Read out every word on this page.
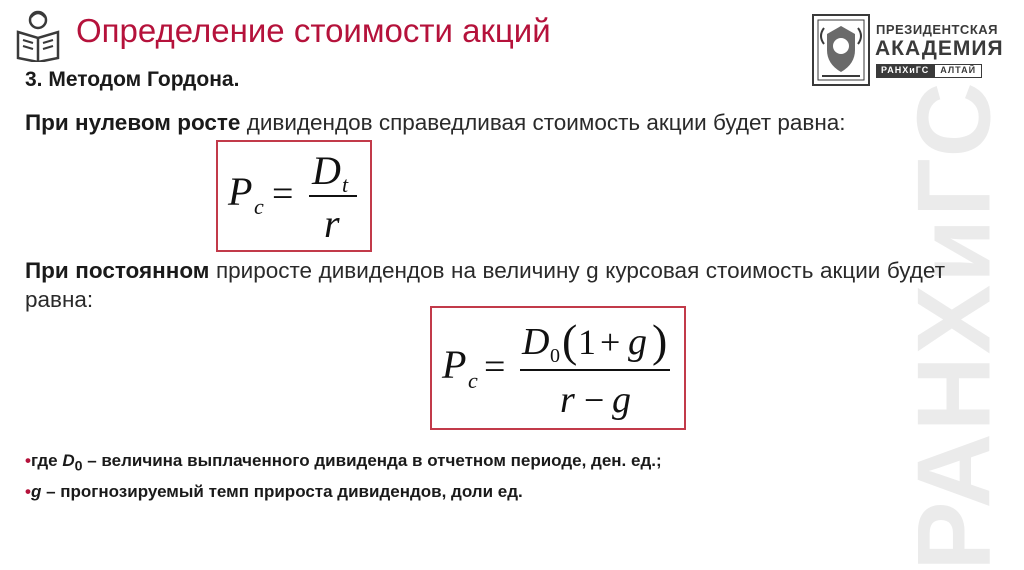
Определение стоимости акций	ПРЕЗИДЕНТСКАЯ
АКАДЕМИЯ
РАНХиГС	АЛТАЙ
РАНХиГС
3. Методом Гордона.
При нулевом росте дивидендов справедливая стоимость акции будет равна:
P c =
D t
r
При постоянном приросте дивидендов на величину g курсовая стоимость акции будет равна:
P c =
D 0 ( 1 + g )
r − g
•где $D_0$ – величина выплаченного дивиденда в отчетном периоде, ден. ед.;
•g – прогнозируемый темп прироста дивидендов, доли ед.
